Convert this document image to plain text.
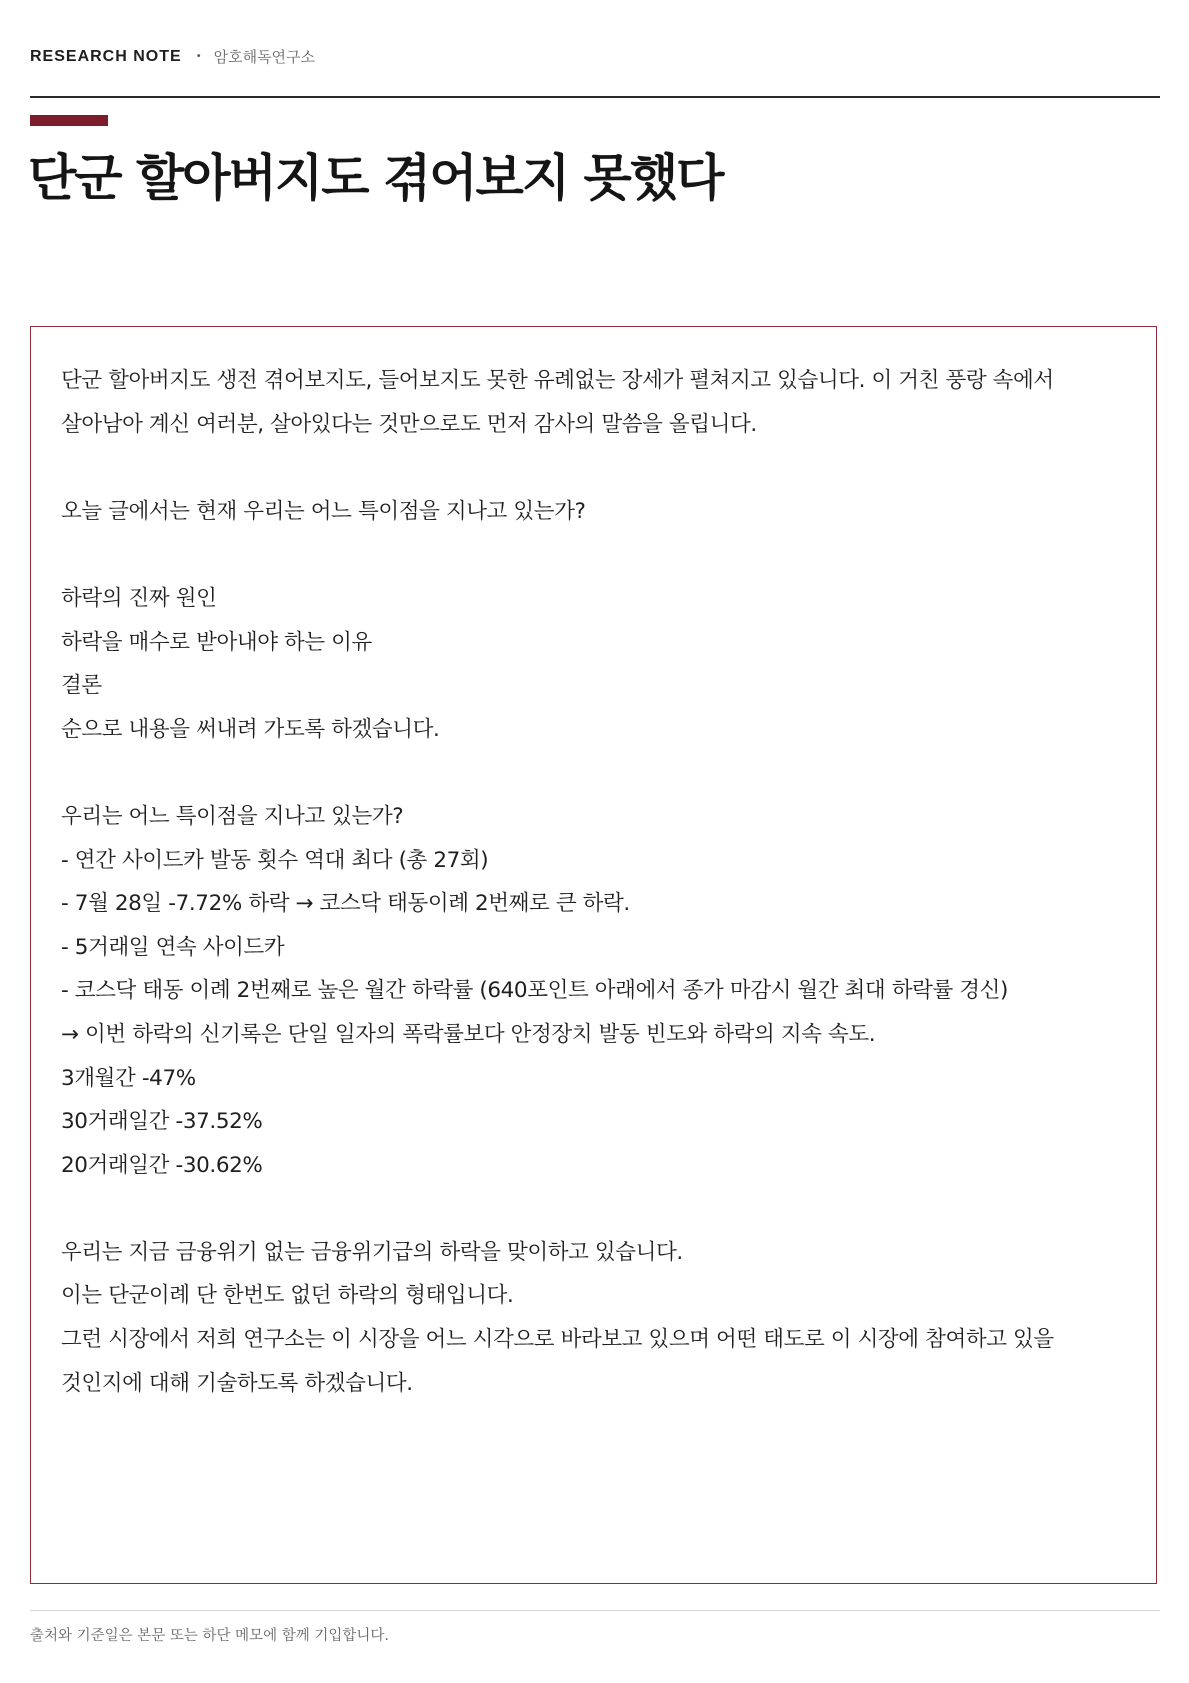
RESEARCH NOTE • 암호해독연구소
단군 할아버지도 겪어보지 못했다
단군 할아버지도 생전 겪어보지도, 들어보지도 못한 유례없는 장세가 펼쳐지고 있습니다. 이 거친 풍랑 속에서
살아남아 계신 여러분, 살아있다는 것만으로도 먼저 감사의 말씀을 올립니다.
오늘 글에서는 현재 우리는 어느 특이점을 지나고 있는가?
하락의 진짜 원인
하락을 매수로 받아내야 하는 이유
결론
순으로 내용을 써내려 가도록 하겠습니다.
우리는 어느 특이점을 지나고 있는가?
- 연간 사이드카 발동 횟수 역대 최다 (총 27회)
- 7월 28일 -7.72% 하락 → 코스닥 태동이례 2번째로 큰 하락.
- 5거래일 연속 사이드카
- 코스닥 태동 이례 2번째로 높은 월간 하락률 (640포인트 아래에서 종가 마감시 월간 최대 하락률 경신)
→ 이번 하락의 신기록은 단일 일자의 폭락률보다 안정장치 발동 빈도와 하락의 지속 속도.
3개월간 -47%
30거래일간 -37.52%
20거래일간 -30.62%
우리는 지금 금융위기 없는 금융위기급의 하락을 맞이하고 있습니다.
이는 단군이례 단 한번도 없던 하락의 형태입니다.
그런 시장에서 저희 연구소는 이 시장을 어느 시각으로 바라보고 있으며 어떤 태도로 이 시장에 참여하고 있을
것인지에 대해 기술하도록 하겠습니다.
출처와 기준일은 본문 또는 하단 메모에 함께 기입합니다.
